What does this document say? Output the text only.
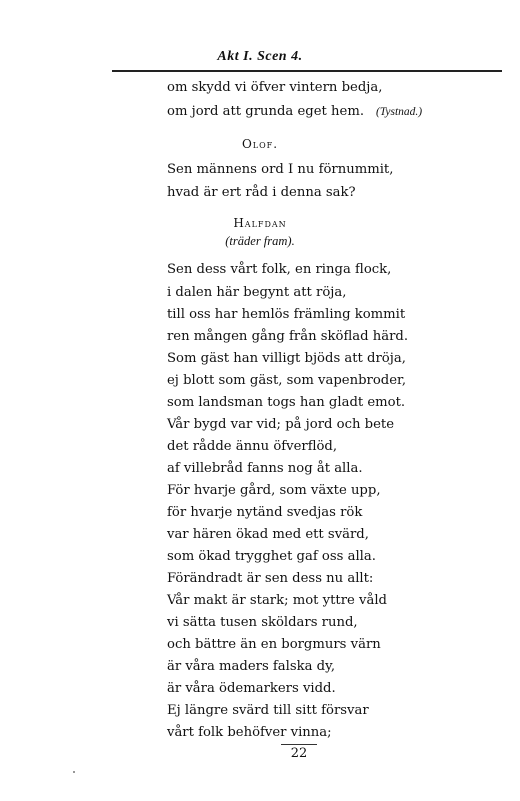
Akt I. Scen 4.
om skydd vi öfver vintern bedja,
om jord att grunda eget hem. (Tystnad.)
Olof.
Sen männens ord I nu förnummit,
hvad är ert råd i denna sak?
Halfdan
(träder fram).
Sen dess vårt folk, en ringa flock,
i dalen här begynt att röja,
till oss har hemlös främling kommit
ren mången gång från sköflad härd.
Som gäst han villigt bjöds att dröja,
ej blott som gäst, som vapenbroder,
som landsman togs han gladt emot.
Vår bygd var vid; på jord och bete
det rådde ännu öfverflöd,
af villebråd fanns nog åt alla.
För hvarje gård, som växte upp,
för hvarje nytänd svedjas rök
var hären ökad med ett svärd,
som ökad trygghet gaf oss alla.
Förändradt är sen dess nu allt:
Vår makt är stark; mot yttre våld
vi sätta tusen sköldars rund,
och bättre än en borgmurs värn
är våra maders falska dy,
är våra ödemarkers vidd.
Ej längre svärd till sitt försvar
vårt folk behöfver vinna;
22
